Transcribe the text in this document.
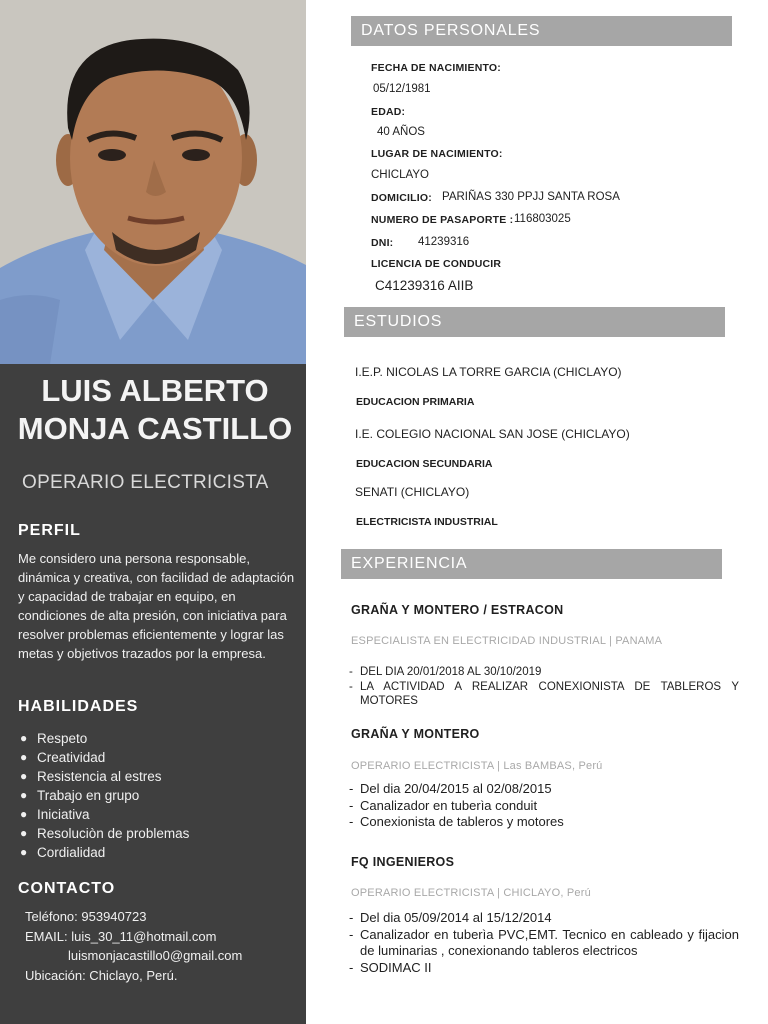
LUIS ALBERTO
MONJA CASTILLO
OPERARIO ELECTRICISTA
PERFIL
Me considero una persona responsable, dinámica y creativa, con facilidad de adaptación y capacidad de trabajar en equipo, en condiciones de alta presión, con iniciativa para resolver problemas eficientemente y lograr las metas y objetivos trazados por la empresa.
HABILIDADES
● Respeto
● Creatividad
● Resistencia al estres
● Trabajo en grupo
● Iniciativa
● Resoluciòn de problemas
● Cordialidad
CONTACTO
Teléfono: 953940723
EMAIL: luis_30_11@hotmail.com
luismonjacastillo0@gmail.com
Ubicación: Chiclayo, Perú.
DATOS PERSONALES
FECHA DE NACIMIENTO:
05/12/1981
EDAD:
40 AÑOS
LUGAR DE NACIMIENTO:
CHICLAYO
DOMICILIO: PARIÑAS 330 PPJJ SANTA ROSA
NUMERO DE PASAPORTE : 116803025
DNI: 41239316
LICENCIA DE CONDUCIR
C41239316 AIIB
ESTUDIOS
I.E.P. NICOLAS LA TORRE GARCIA (CHICLAYO)
EDUCACION PRIMARIA
I.E. COLEGIO NACIONAL SAN JOSE (CHICLAYO)
EDUCACION SECUNDARIA
SENATI (CHICLAYO)
ELECTRICISTA INDUSTRIAL
EXPERIENCIA
GRAÑA Y MONTERO / ESTRACON
ESPECIALISTA EN ELECTRICIDAD INDUSTRIAL | PANAMA
- DEL DIA 20/01/2018 AL 30/10/2019
- LA ACTIVIDAD A REALIZAR CONEXIONISTA DE TABLEROS Y MOTORES
GRAÑA Y MONTERO
OPERARIO ELECTRICISTA | Las BAMBAS, Perú
- Del dia 20/04/2015 al 02/08/2015
- Canalizador en tuberìa conduit
- Conexionista de tableros y motores
FQ INGENIEROS
OPERARIO ELECTRICISTA | CHICLAYO, Perú
- Del dia 05/09/2014 al 15/12/2014
- Canalizador en tuberìa PVC,EMT. Tecnico en cableado y fijacion de luminarias , conexionando tableros electricos
- SODIMAC II
